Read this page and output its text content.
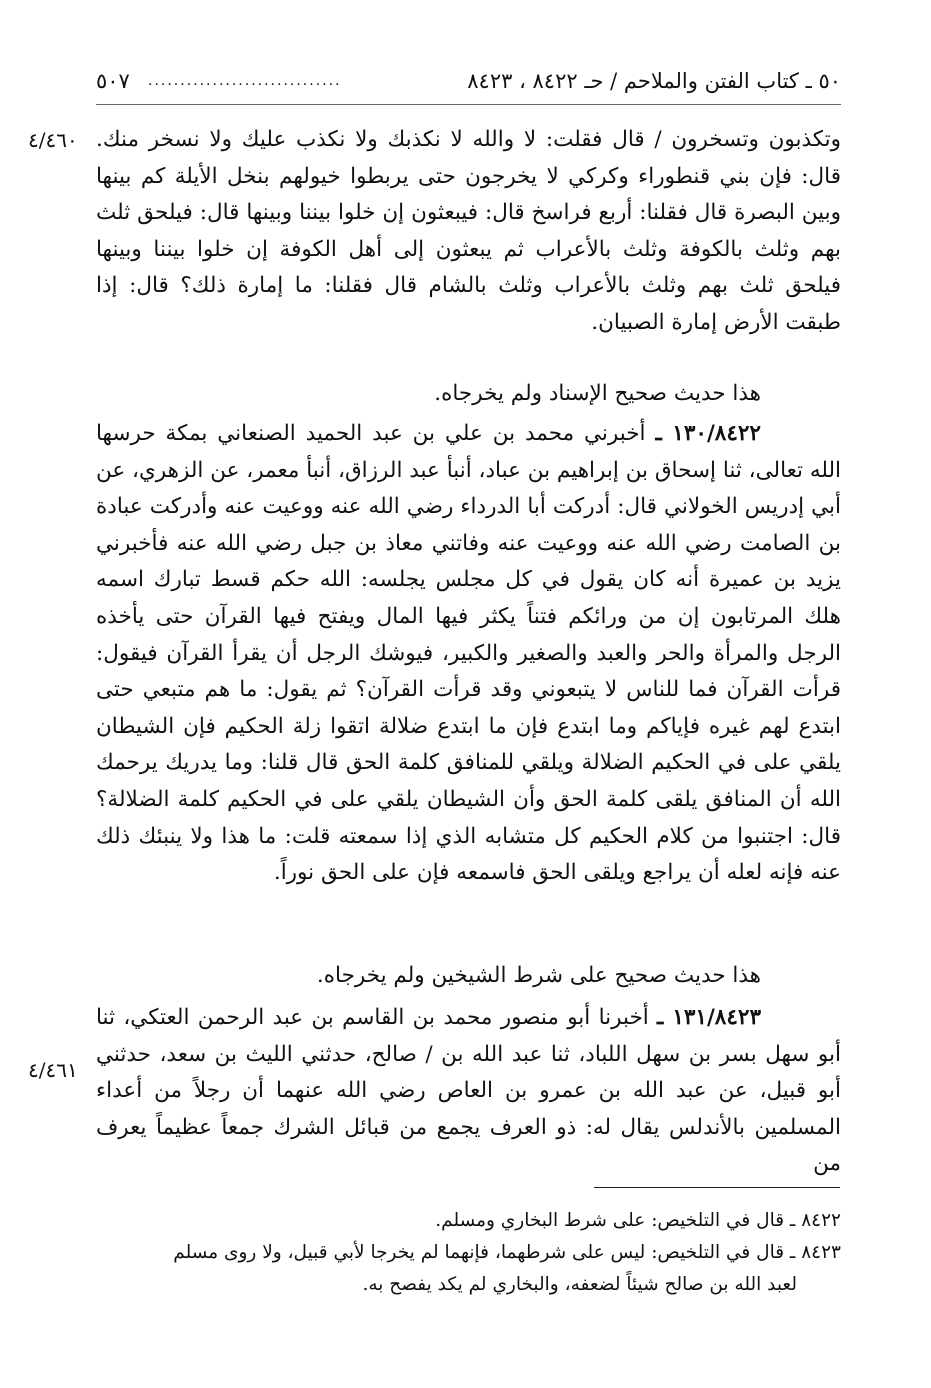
٥٠ ـ كتاب الفتن والملاحم / حـ ٨٤٢٢ ، ٨٤٢٣
..............................
٥٠٧
٤/٤٦٠
٤/٤٦١

وتكذبون وتسخرون / قال فقلت: لا والله لا نكذبك ولا نكذب عليك ولا نسخر منك. قال: فإن بني قنطوراء وكركي لا يخرجون حتى يربطوا خيولهم بنخل الأيلة كم بينها وبين البصرة قال فقلنا: أربع فراسخ قال: فيبعثون إن خلوا بيننا وبينها قال: فيلحق ثلث بهم وثلث بالكوفة وثلث بالأعراب ثم يبعثون إلى أهل الكوفة إن خلوا بيننا وبينها فيلحق ثلث بهم وثلث بالأعراب وثلث بالشام قال فقلنا: ما إمارة ذلك؟ قال: إذا طبقت الأرض إمارة الصبيان.

هذا حديث صحيح الإسناد ولم يخرجاه.

١٣٠/٨٤٢٢ ـ أخبرني محمد بن علي بن عبد الحميد الصنعاني بمكة حرسها الله تعالى، ثنا إسحاق بن إبراهيم بن عباد، أنبأ عبد الرزاق، أنبأ معمر، عن الزهري، عن أبي إدريس الخولاني قال: أدركت أبا الدرداء رضي الله عنه ووعيت عنه وأدركت عبادة بن الصامت رضي الله عنه ووعيت عنه وفاتني معاذ بن جبل رضي الله عنه فأخبرني يزيد بن عميرة أنه كان يقول في كل مجلس يجلسه: الله حكم قسط تبارك اسمه هلك المرتابون إن من ورائكم فتناً يكثر فيها المال ويفتح فيها القرآن حتى يأخذه الرجل والمرأة والحر والعبد والصغير والكبير، فيوشك الرجل أن يقرأ القرآن فيقول: قرأت القرآن فما للناس لا يتبعوني وقد قرأت القرآن؟ ثم يقول: ما هم متبعي حتى ابتدع لهم غيره فإياكم وما ابتدع فإن ما ابتدع ضلالة اتقوا زلة الحكيم فإن الشيطان يلقي على في الحكيم الضلالة ويلقي للمنافق كلمة الحق قال قلنا: وما يدريك يرحمك الله أن المنافق يلقى كلمة الحق وأن الشيطان يلقي على في الحكيم كلمة الضلالة؟ قال: اجتنبوا من كلام الحكيم كل متشابه الذي إذا سمعته قلت: ما هذا ولا ينبئك ذلك عنه فإنه لعله أن يراجع ويلقى الحق فاسمعه فإن على الحق نوراً.

هذا حديث صحيح على شرط الشيخين ولم يخرجاه.

١٣١/٨٤٢٣ ـ أخبرنا أبو منصور محمد بن القاسم بن عبد الرحمن العتكي، ثنا أبو سهل بسر بن سهل اللباد، ثنا عبد الله بن / صالح، حدثني الليث بن سعد، حدثني أبو قبيل، عن عبد الله بن عمرو بن العاص رضي الله عنهما أن رجلاً من أعداء المسلمين بالأندلس يقال له: ذو العرف يجمع من قبائل الشرك جمعاً عظيماً يعرف من

٨٤٢٢ ـ قال في التلخيص: على شرط البخاري ومسلم.

٨٤٢٣ ـ قال في التلخيص: ليس على شرطهما، فإنهما لم يخرجا لأبي قبيل، ولا روى مسلم

لعبد الله بن صالح شيئاً لضعفه، والبخاري لم يكد يفصح به.
